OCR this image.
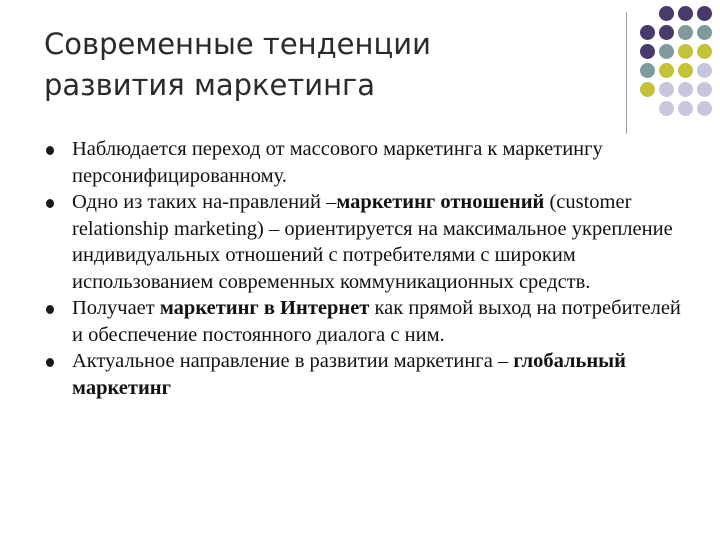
Современные тенденции
развития маркетинга
Наблюдается переход от массового маркетинга к маркетингу персонифицированному.
Одно из таких на-правлений –маркетинг отношений (customer relationship marketing) – ориентируется на максимальное укрепление индивидуальных отношений с потребителями с широким использованием современных коммуникационных средств.
Получает маркетинг в Интернет как прямой выход на потребителей и обеспечение постоянного диалога с ним.
Актуальное направление в развитии маркетинга – глобальный маркетинг
